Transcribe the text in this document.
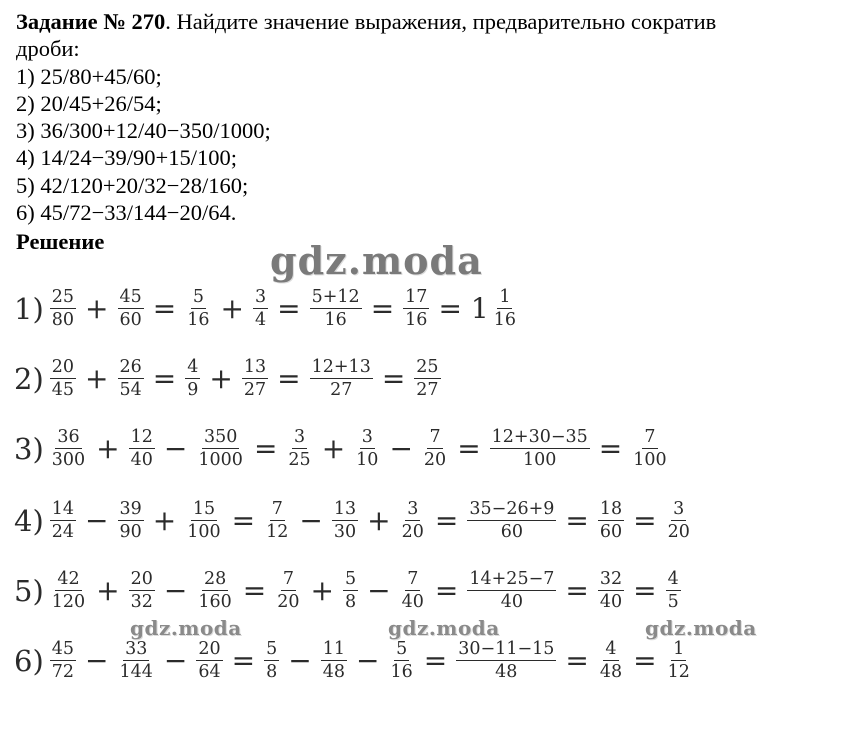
Задание № 270. Найдите значение выражения, предварительно сократив
дроби:
1) 25/80+45/60;
2) 20/45+26/54;
3) 36/300+12/40−350/1000;
4) 14/24−39/90+15/100;
5) 42/120+20/32−28/160;
6) 45/72−33/144−20/64.
Решение	gdz.moda
gdz.moda	gdz.moda	gdz.moda
$1) \frac{25}{80} + \frac{45}{60} = \frac{5}{16} + \frac{3}{4} = \frac{5+12}{16} = \frac{17}{16} = 1 \frac{1}{16}$
$2) \frac{20}{45} + \frac{26}{54} = \frac{4}{9} + \frac{13}{27} = \frac{12+13}{27} = \frac{25}{27}$
$3) \frac{36}{300} + \frac{12}{40} - \frac{350}{1000} = \frac{3}{25} + \frac{3}{10} - \frac{7}{20} = \frac{12+30-35}{100} = \frac{7}{100}$
$4) \frac{14}{24} - \frac{39}{90} + \frac{15}{100} = \frac{7}{12} - \frac{13}{30} + \frac{3}{20} = \frac{35-26+9}{60} = \frac{18}{60} = \frac{3}{20}$
$5) \frac{42}{120} + \frac{20}{32} - \frac{28}{160} = \frac{7}{20} + \frac{5}{8} - \frac{7}{40} = \frac{14+25-7}{40} = \frac{32}{40} = \frac{4}{5}$
$6) \frac{45}{72} - \frac{33}{144} - \frac{20}{64} = \frac{5}{8} - \frac{11}{48} - \frac{5}{16} = \frac{30-11-15}{48} = \frac{4}{48} = \frac{1}{12}$
